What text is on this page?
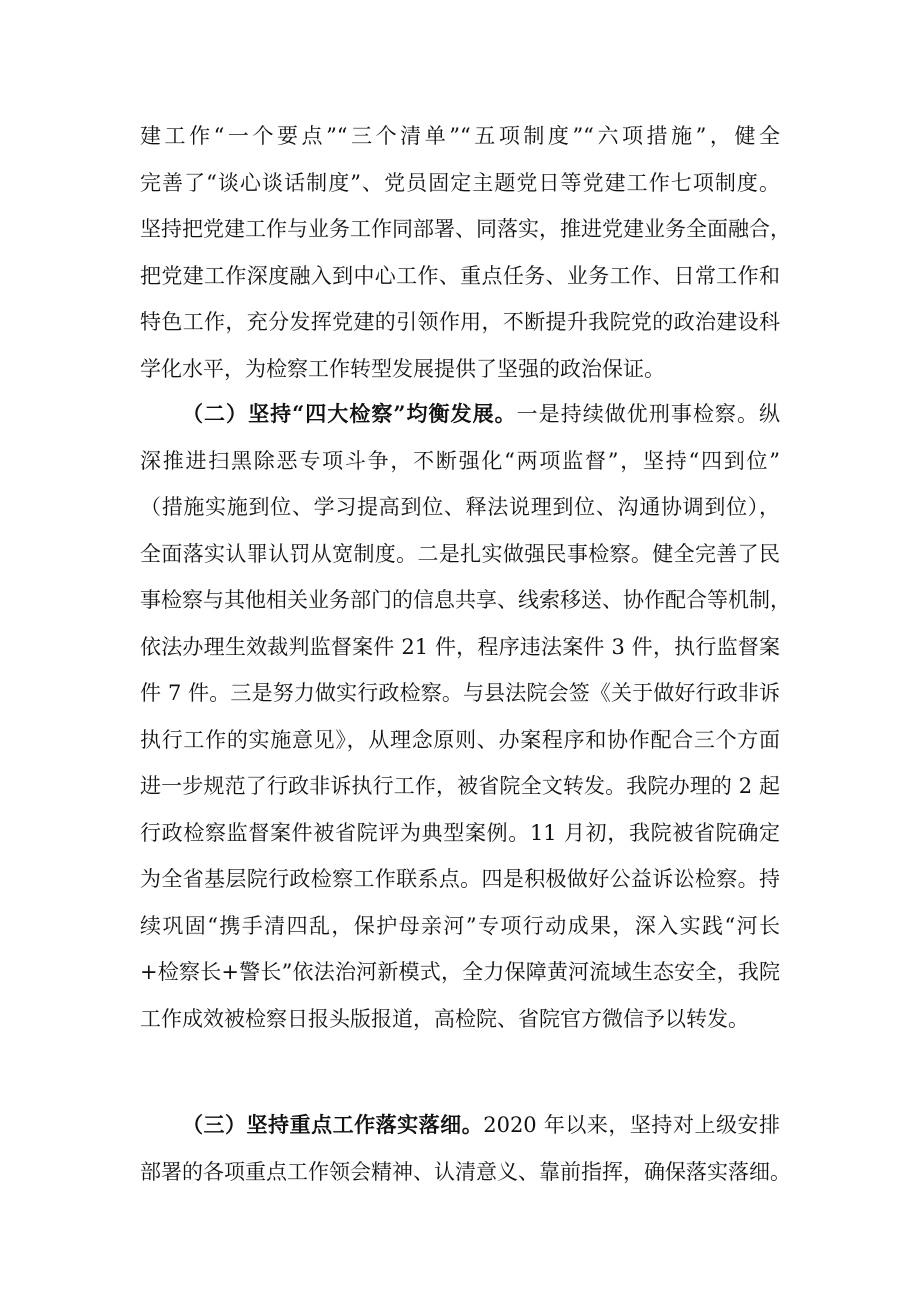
建工作“一个要点”“三个清单”“五项制度”“六项措施”，健全
完善了“谈心谈话制度”、党员固定主题党日等党建工作七项制度。
坚持把党建工作与业务工作同部署、同落实，推进党建业务全面融合，
把党建工作深度融入到中心工作、重点任务、业务工作、日常工作和
特色工作，充分发挥党建的引领作用，不断提升我院党的政治建设科
学化水平，为检察工作转型发展提供了坚强的政治保证。
（二）坚持“四大检察”均衡发展。一是持续做优刑事检察。纵
深推进扫黑除恶专项斗争，不断强化“两项监督”，坚持“四到位”
（措施实施到位、学习提高到位、释法说理到位、沟通协调到位），
全面落实认罪认罚从宽制度。二是扎实做强民事检察。健全完善了民
事检察与其他相关业务部门的信息共享、线索移送、协作配合等机制，
依法办理生效裁判监督案件 21 件，程序违法案件 3 件，执行监督案
件 7 件。三是努力做实行政检察。与县法院会签《关于做好行政非诉
执行工作的实施意见》，从理念原则、办案程序和协作配合三个方面
进一步规范了行政非诉执行工作，被省院全文转发。我院办理的 2 起
行政检察监督案件被省院评为典型案例。11 月初，我院被省院确定
为全省基层院行政检察工作联系点。四是积极做好公益诉讼检察。持
续巩固“携手清四乱，保护母亲河”专项行动成果，深入实践“河长
+检察长+警长”依法治河新模式，全力保障黄河流域生态安全，我院
工作成效被检察日报头版报道，高检院、省院官方微信予以转发。
（三）坚持重点工作落实落细。2020 年以来，坚持对上级安排
部署的各项重点工作领会精神、认清意义、靠前指挥，确保落实落细。
